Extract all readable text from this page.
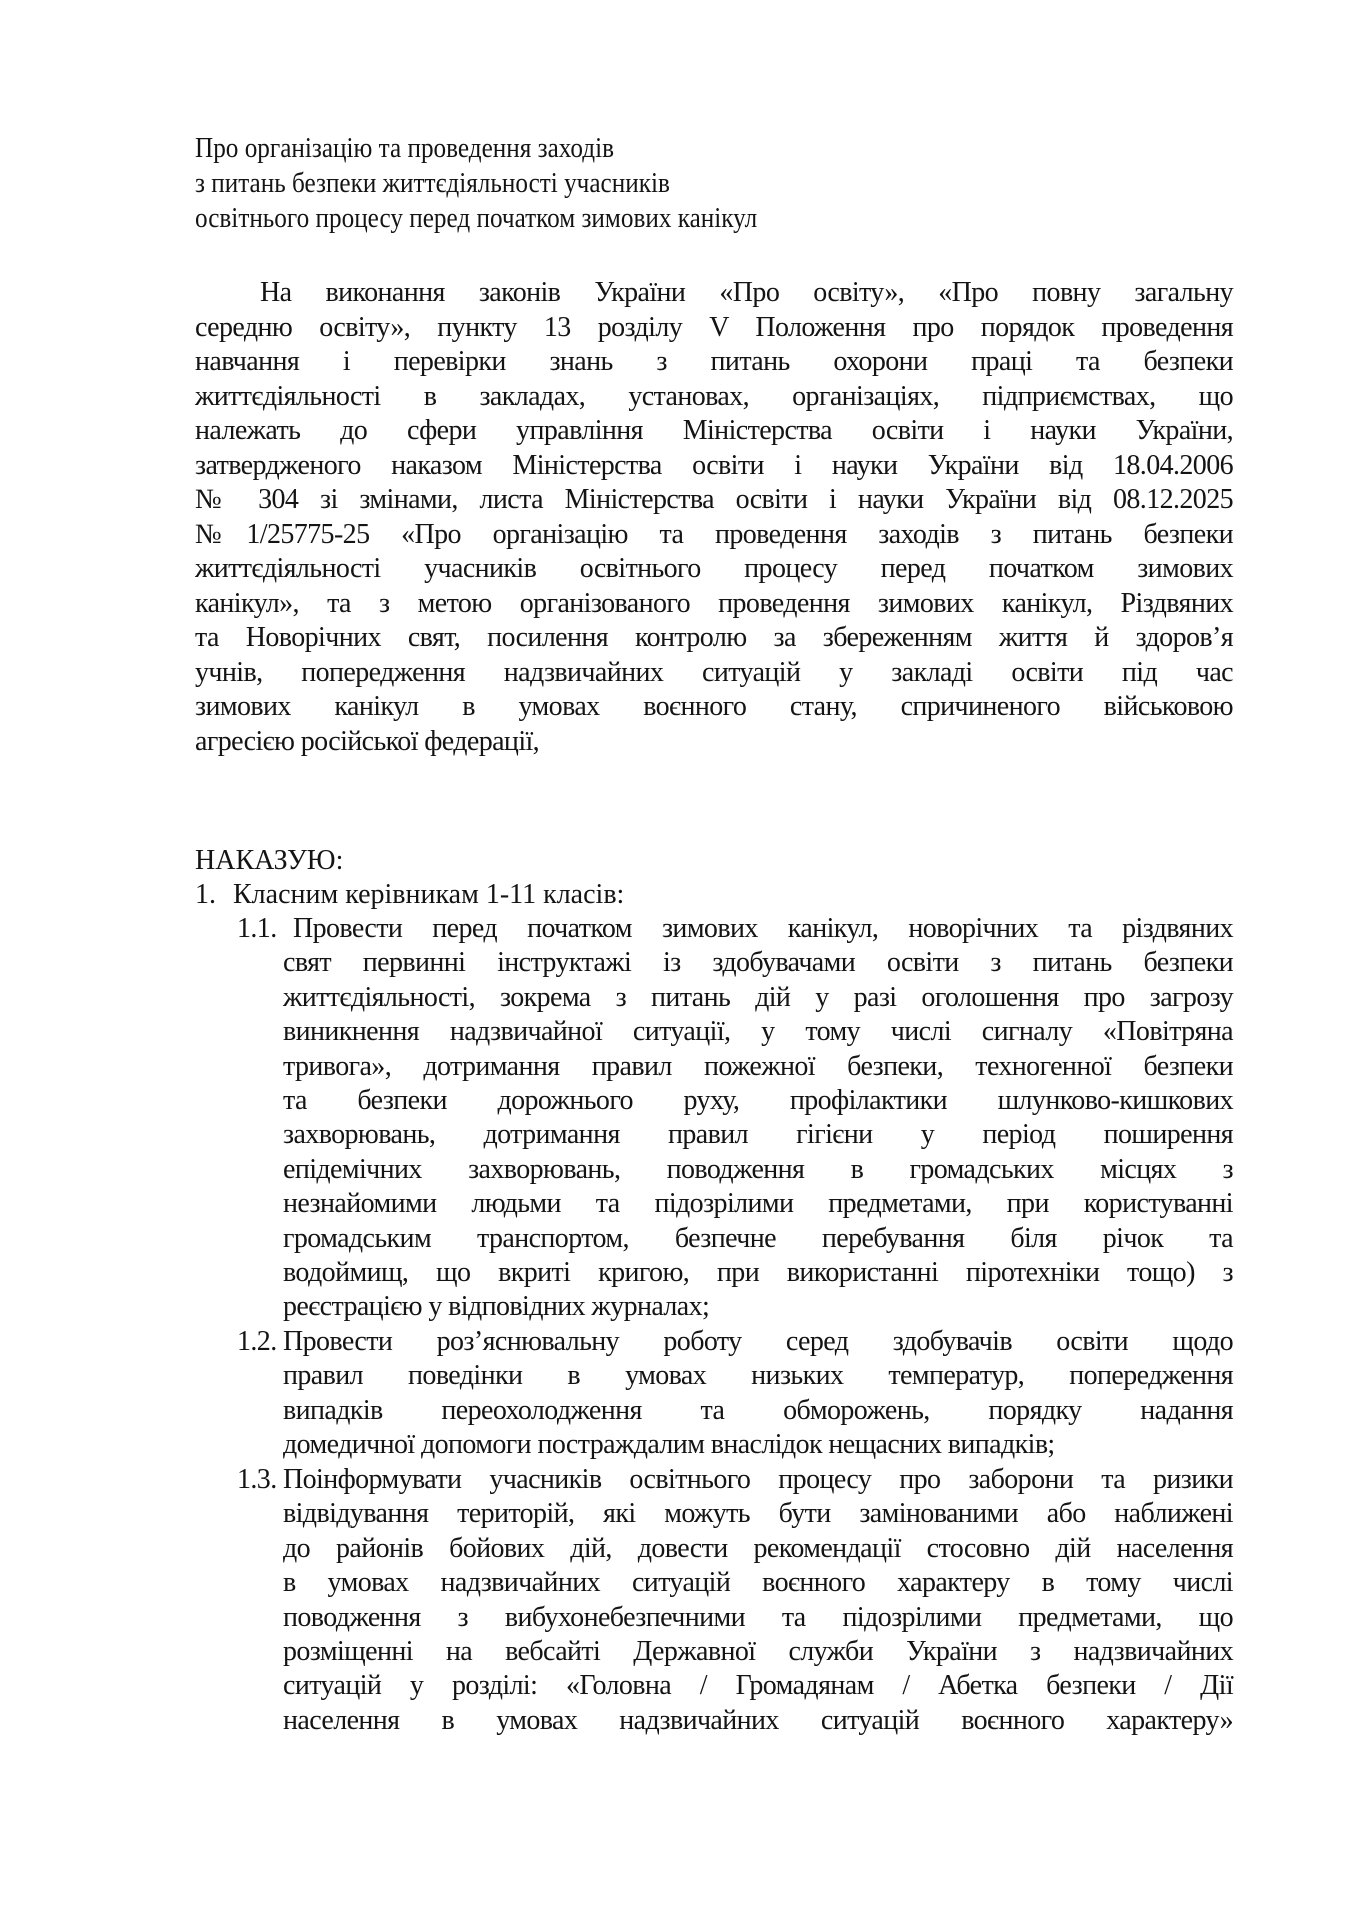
Про організацію та проведення заходів
з питань безпеки життєдіяльності учасників
освітнього процесу перед початком зимових канікул
На виконання законів України «Про освіту», «Про повну загальну
середню освіту», пункту 13 розділу V Положення про порядок проведення
навчання і перевірки знань з питань охорони праці та безпеки
життєдіяльності в закладах, установах, організаціях, підприємствах, що
належать до сфери управління Міністерства освіти і науки України,
затвердженого наказом Міністерства освіти і науки України від 18.04.2006
№ 304 зі змінами, листа Міністерства освіти і науки України від 08.12.2025
№1/25775-25 «Про організацію та проведення заходів з питань безпеки
життєдіяльності учасників освітнього процесу перед початком зимових
канікул», та з метою організованого проведення зимових канікул, Різдвяних
та Новорічних свят, посилення контролю за збереженням життя й здоров’я
учнів, попередження надзвичайних ситуацій у закладі освіти під час
зимових канікул в умовах воєнного стану, спричиненого військовою
агресією російської федерації,
НАКАЗУЮ:
1. Класним керівникам 1-11 класів:
1.1. Провести перед початком зимових канікул, новорічних та різдвяних
свят первинні інструктажі із здобувачами освіти з питань безпеки
життєдіяльності, зокрема з питань дій у разі оголошення про загрозу
виникнення надзвичайної ситуації, у тому числі сигналу «Повітряна
тривога», дотримання правил пожежної безпеки, техногенної безпеки
та безпеки дорожнього руху, профілактики шлунково-кишкових
захворювань, дотримання правил гігієни у період поширення
епідемічних захворювань, поводження в громадських місцях з
незнайомими людьми та підозрілими предметами, при користуванні
громадським транспортом, безпечне перебування біля річок та
водоймищ, що вкриті кригою, при використанні піротехніки тощо) з
реєстрацією у відповідних журналах;
1.2. Провести роз’яснювальну роботу серед здобувачів освіти щодо
правил поведінки в умовах низьких температур, попередження
випадків переохолодження та обморожень, порядку надання
домедичної допомоги постраждалим внаслідок нещасних випадків;
1.3. Поінформувати учасників освітнього процесу про заборони та ризики
відвідування територій, які можуть бути замінованими або наближені
до районів бойових дій, довести рекомендації стосовно дій населення
в умовах надзвичайних ситуацій воєнного характеру в тому числі
поводження з вибухонебезпечними та підозрілими предметами, що
розміщенні на вебсайті Державної служби України з надзвичайних
ситуацій у розділі: «Головна / Громадянам / Абетка безпеки / Дії
населення в умовах надзвичайних ситуацій воєнного характеру»
